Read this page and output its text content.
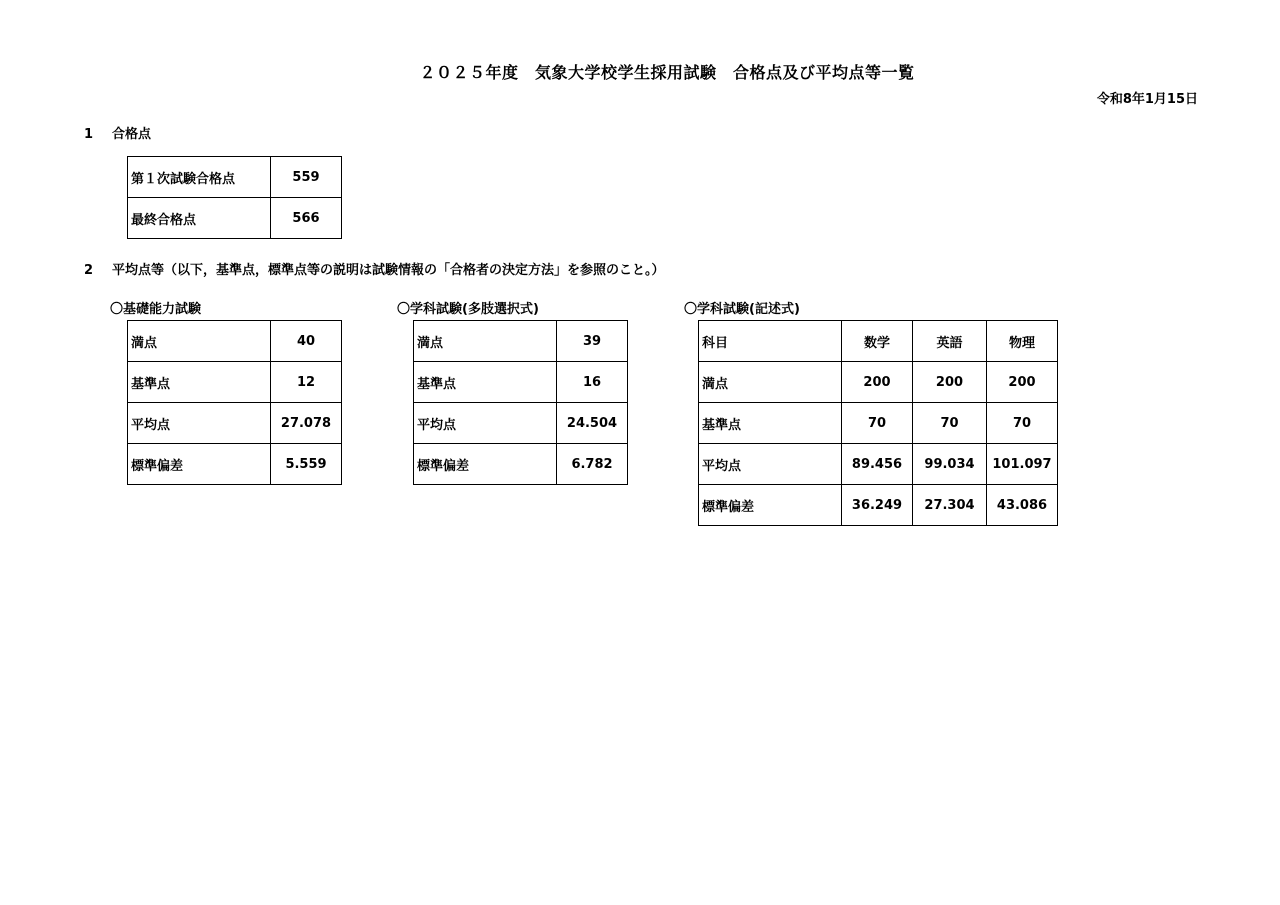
２０２５年度　気象大学校学生採用試験　合格点及び平均点等一覧
令和8年1月15日
1 合格点
第１次試験合格点	559
最終合格点	566
2 平均点等（以下，基準点，標準点等の説明は試験情報の「合格者の決定方法」を参照のこと。）
〇基礎能力試験
満点	40
基準点	12
平均点	27.078
標準偏差	5.559
〇学科試験(多肢選択式)
満点	39
基準点	16
平均点	24.504
標準偏差	6.782
〇学科試験(記述式)
科目	数学	英語	物理
満点	200	200	200
基準点	70	70	70
平均点	89.456	99.034	101.097
標準偏差	36.249	27.304	43.086
